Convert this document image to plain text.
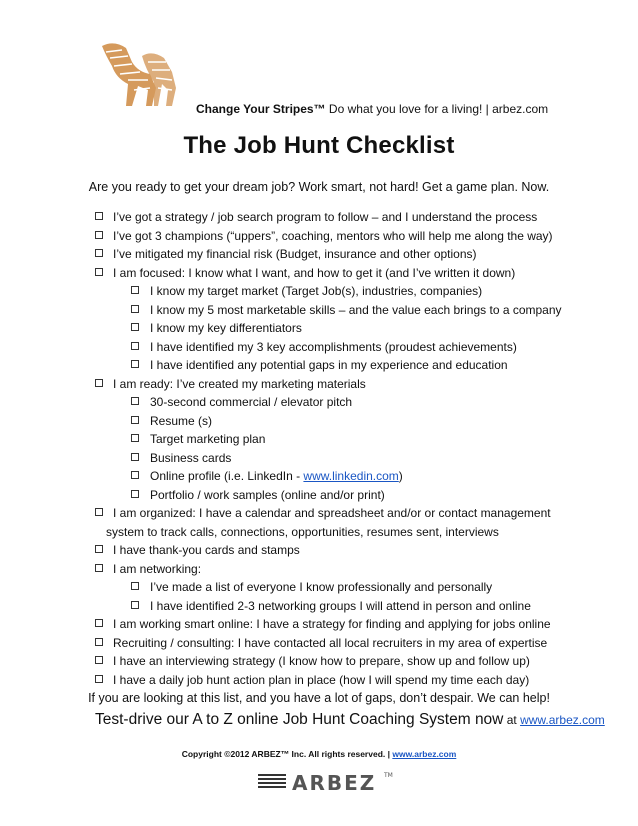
Change Your Stripes™ Do what you love for a living! | arbez.com
The Job Hunt Checklist
Are you ready to get your dream job? Work smart, not hard! Get a game plan. Now.
I’ve got a strategy / job search program to follow – and I understand the process
I’ve got 3 champions (“uppers”, coaching, mentors who will help me along the way)
I’ve mitigated my financial risk (Budget, insurance and other options)
I am focused: I know what I want, and how to get it (and I’ve written it down)
I know my target market (Target Job(s), industries, companies)
I know my 5 most marketable skills – and the value each brings to a company
I know my key differentiators
I have identified my 3 key accomplishments (proudest achievements)
I have identified any potential gaps in my experience and education
I am ready: I’ve created my marketing materials
30-second commercial / elevator pitch
Resume (s)
Target marketing plan
Business cards
Online profile (i.e. LinkedIn - www.linkedin.com)
Portfolio / work samples (online and/or print)
I am organized: I have a calendar and spreadsheet and/or or contact management
system to track calls, connections, opportunities, resumes sent, interviews
I have thank-you cards and stamps
I am networking:
I’ve made a list of everyone I know professionally and personally
I have identified 2-3 networking groups I will attend in person and online
I am working smart online: I have a strategy for finding and applying for jobs online
Recruiting / consulting: I have contacted all local recruiters in my area of expertise
I have an interviewing strategy (I know how to prepare, show up and follow up)
I have a daily job hunt action plan in place (how I will spend my time each day)
If you are looking at this list, and you have a lot of gaps, don’t despair. We can help!
Test-drive our A to Z online Job Hunt Coaching System now at www.arbez.com
Copyright ©2012 ARBEZ™ Inc. All rights reserved. | www.arbez.com
ARBEZ TM
